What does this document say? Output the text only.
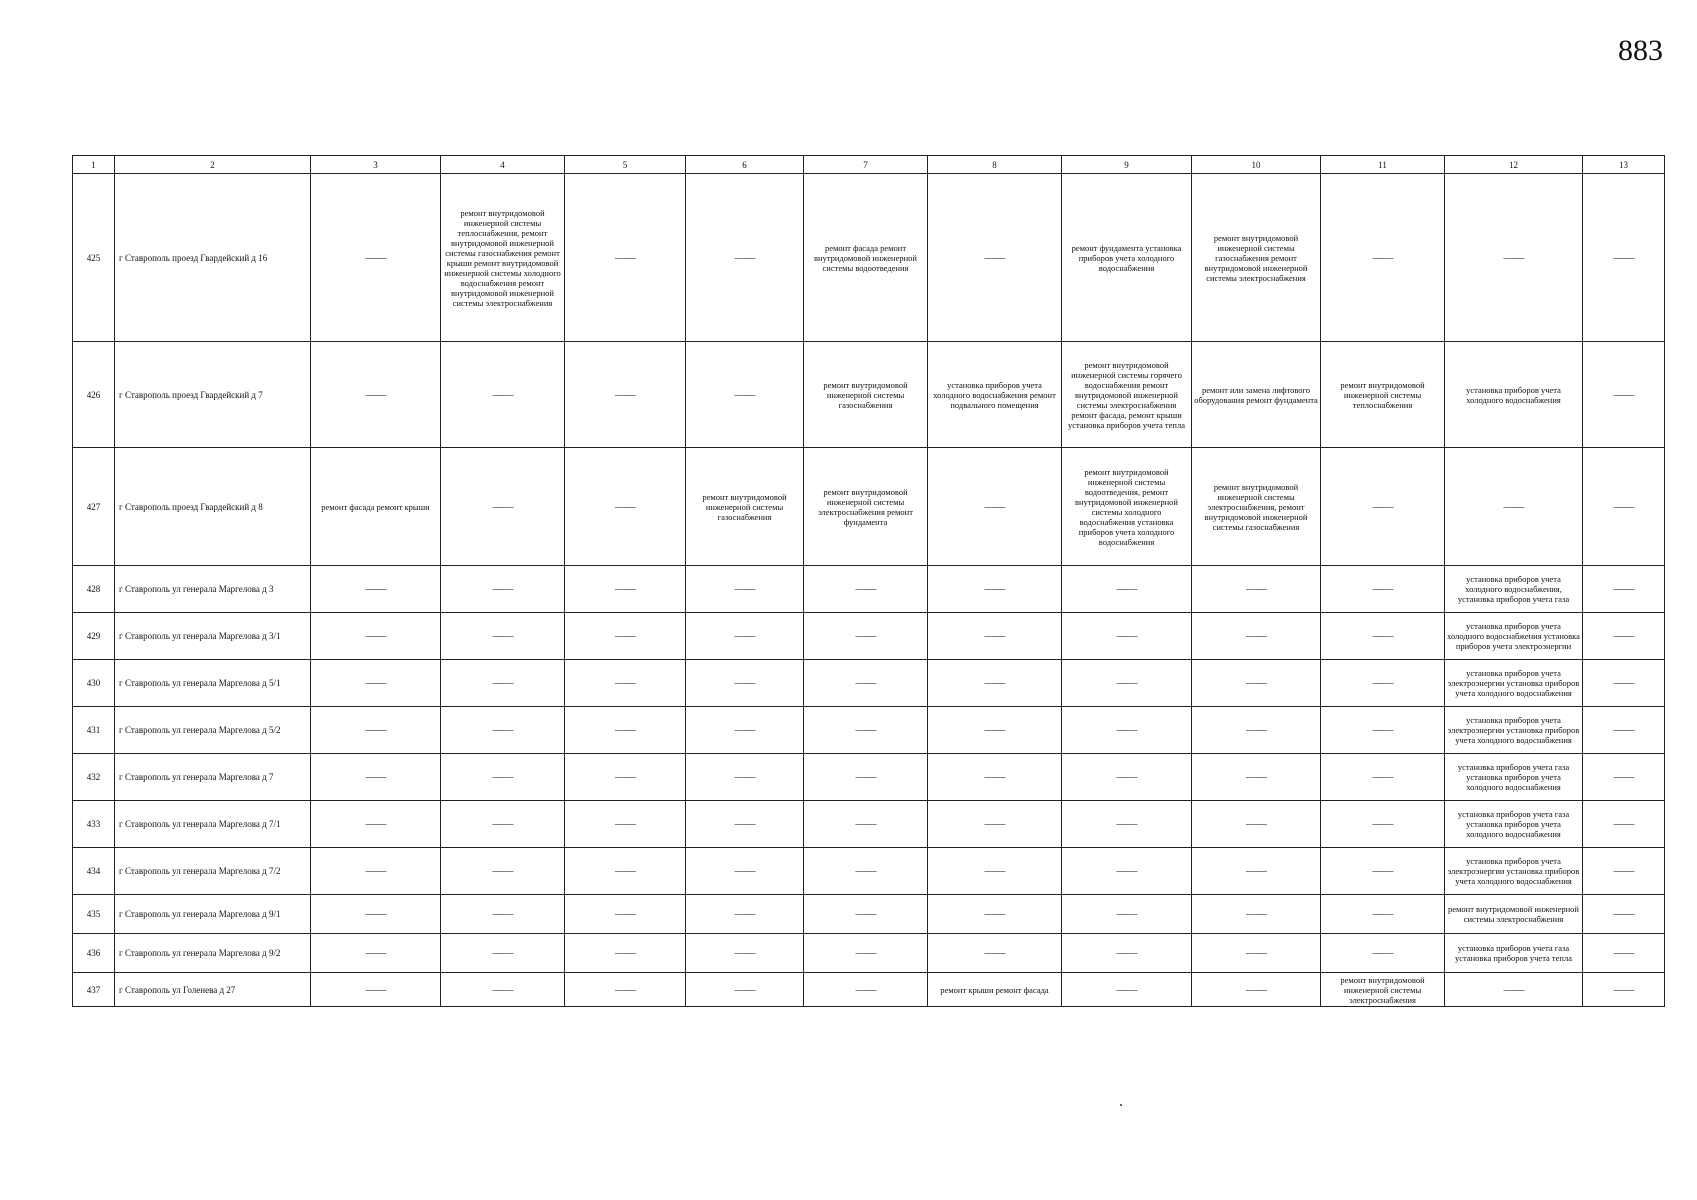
883
1	2	3	4	5	6	7	8	9	10	11	12	13
425	г Ставрополь проезд Гвардейский д 16	——	ремонт внутридомовой инженерной системы теплоснабжения, ремонт внутридомовой инженерной системы газоснабжения ремонт крыши ремонт внутридомовой инженерной системы холодного водоснабжения ремонт внутридомовой инженерной системы электроснабжения	——	——	ремонт фасада ремонт внутридомовой инженерной системы водоотведения	——	ремонт фундамента установка приборов учета холодного водоснабжения	ремонт внутридомовой инженерной системы газоснабжения ремонт внутридомовой инженерной системы электроснабжения	——	——	——
426	г Ставрополь проезд Гвардейский д 7	——	——	——	——	ремонт внутридомовой инженерной системы газоснабжения	установка приборов учета холодного водоснабжения ремонт подвального помещения	ремонт внутридомовой инженерной системы горячего водоснабжения ремонт внутридомовой инженерной системы электроснабжения ремонт фасада, ремонт крыши установка приборов учета тепла	ремонт или замена лифтового оборудования ремонт фундамента	ремонт внутридомовой инженерной системы теплоснабжения	установка приборов учета холодного водоснабжения	——
427	г Ставрополь проезд Гвардейский д 8	ремонт фасада ремонт крыши	——	——	ремонт внутридомовой инженерной системы газоснабжения	ремонт внутридомовой инженерной системы электроснабжения ремонт фундамента	——	ремонт внутридомовой инженерной системы водоотведения, ремонт внутридомовой инженерной системы холодного водоснабжения установка приборов учета холодного водоснабжения	ремонт внутридомовой инженерной системы электроснабжения, ремонт внутридомовой инженерной системы газоснабжения	——	——	——
428	г Ставрополь ул генерала Маргелова д 3	——	——	——	——	——	——	——	——	——	установка приборов учета холодного водоснабжения, установка приборов учета газа	——
429	г Ставрополь ул генерала Маргелова д 3/1	——	——	——	——	——	——	——	——	——	установка приборов учета холодного водоснабжения установка приборов учета электроэнергии	——
430	г Ставрополь ул генерала Маргелова д 5/1	——	——	——	——	——	——	——	——	——	установка приборов учета электроэнергии установка приборов учета холодного водоснабжения	——
431	г Ставрополь ул генерала Маргелова д 5/2	——	——	——	——	——	——	——	——	——	установка приборов учета электроэнергии установка приборов учета холодного водоснабжения	——
432	г Ставрополь ул генерала Маргелова д 7	——	——	——	——	——	——	——	——	——	установка приборов учета газа установка приборов учета холодного водоснабжения	——
433	г Ставрополь ул генерала Маргелова д 7/1	——	——	——	——	——	——	——	——	——	установка приборов учета газа установка приборов учета холодного водоснабжения	——
434	г Ставрополь ул генерала Маргелова д 7/2	——	——	——	——	——	——	——	——	——	установка приборов учета электроэнергии установка приборов учета холодного водоснабжения	——
435	г Ставрополь ул генерала Маргелова д 9/1	——	——	——	——	——	——	——	——	——	ремонт внутридомовой инженерной системы электроснабжения	——
436	г Ставрополь ул генерала Маргелова д 9/2	——	——	——	——	——	——	——	——	——	установка приборов учета газа установка приборов учета тепла	——
437	г Ставрополь ул Голенева д 27	——	——	——	——	——	ремонт крыши ремонт фасада	——	——	ремонт внутридомовой инженерной системы электроснабжения	——	——
